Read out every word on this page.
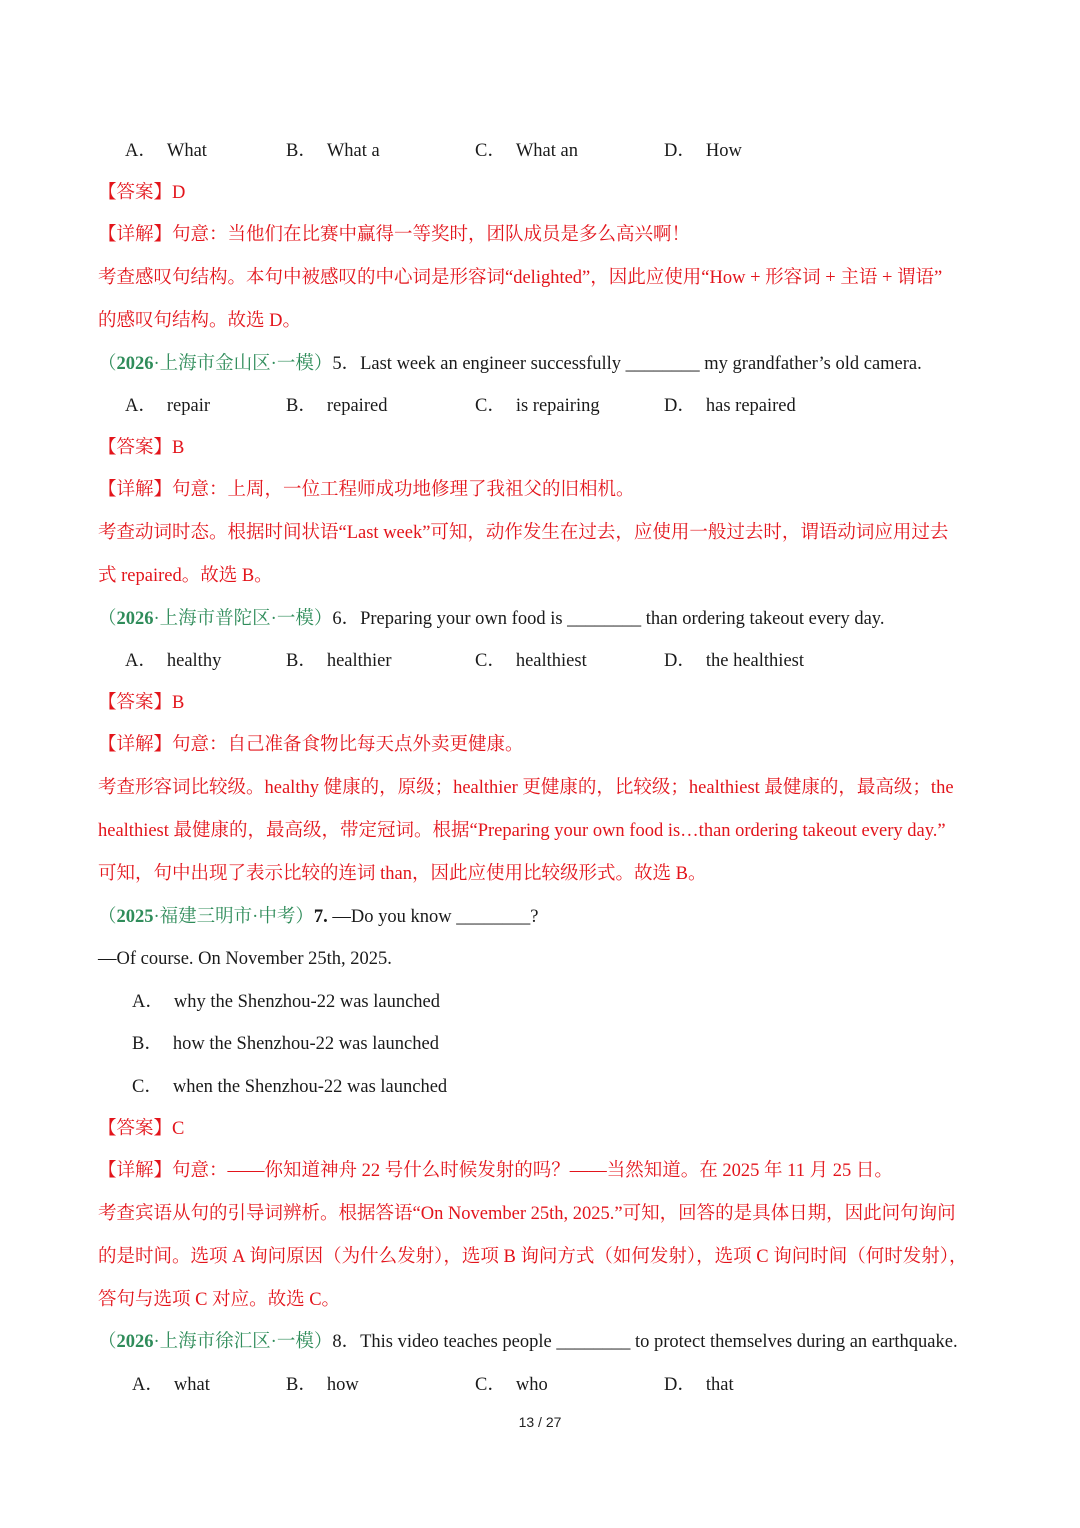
A． What	B． What a	C． What an	D． How
【答案】D
【详解】句意：当他们在比赛中赢得一等奖时，团队成员是多么高兴啊！
考查感叹句结构。本句中被感叹的中心词是形容词“delighted”，因此应使用“How + 形容词 + 主语 + 谓语”
的感叹句结构。故选 D。
（2026·上海市金山区·一模）5．Last week an engineer successfully ________ my grandfather’s old camera.
A． repair	B． repaired	C． is repairing	D． has repaired
【答案】B
【详解】句意：上周，一位工程师成功地修理了我祖父的旧相机。
考查动词时态。根据时间状语“Last week”可知，动作发生在过去，应使用一般过去时，谓语动词应用过去
式 repaired。故选 B。
（2026·上海市普陀区·一模）6．Preparing your own food is ________ than ordering takeout every day.
A． healthy	B． healthier	C． healthiest	D． the healthiest
【答案】B
【详解】句意：自己准备食物比每天点外卖更健康。
考查形容词比较级。healthy 健康的，原级；healthier 更健康的，比较级；healthiest 最健康的，最高级；the
healthiest 最健康的，最高级，带定冠词。根据“Preparing your own food is…than ordering takeout every day.”
可知，句中出现了表示比较的连词 than，因此应使用比较级形式。故选 B。
（2025·福建三明市·中考）7. —Do you know ________?
—Of course. On November 25th, 2025.
A． why the Shenzhou-22 was launched
B． how the Shenzhou-22 was launched
C． when the Shenzhou-22 was launched
【答案】C
【详解】句意：——你知道神舟 22 号什么时候发射的吗？——当然知道。在 2025 年 11 月 25 日。
考查宾语从句的引导词辨析。根据答语“On November 25th, 2025.”可知，回答的是具体日期，因此问句询问
的是时间。选项 A 询问原因（为什么发射），选项 B 询问方式（如何发射），选项 C 询问时间（何时发射），
答句与选项 C 对应。故选 C。
（2026·上海市徐汇区·一模）8．This video teaches people ________ to protect themselves during an earthquake.
A． what	B． how	C． who	D． that
13 / 27
